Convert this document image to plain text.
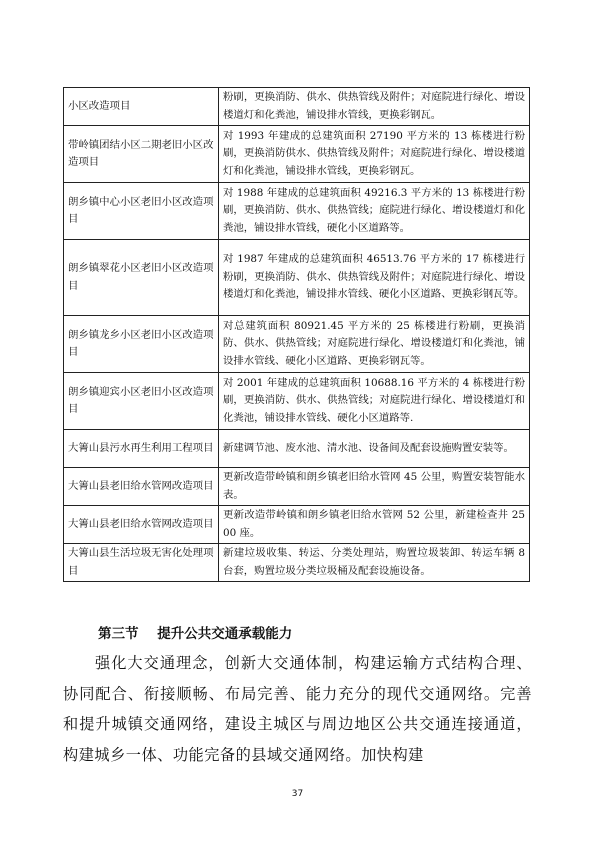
小区改造项目	粉刷，更换消防、供水、供热管线及附件；对庭院进行绿化、增设楼道灯和化粪池，铺设排水管线，更换彩钢瓦。
带岭镇团结小区二期老旧小区改造项目	对 1993 年建成的总建筑面积 27190 平方米的 13 栋楼进行粉刷，更换消防供水、供热管线及附件；对庭院进行绿化、增设楼道灯和化粪池，铺设排水管线，更换彩钢瓦。
朗乡镇中心小区老旧小区改造项目	对 1988 年建成的总建筑面积 49216.3 平方米的 13 栋楼进行粉刷，更换消防、供水、供热管线；庭院进行绿化、增设楼道灯和化粪池，铺设排水管线，硬化小区道路等。
朗乡镇翠花小区老旧小区改造项目	对 1987 年建成的总建筑面积 46513.76 平方米的 17 栋楼进行粉刷，更换消防、供水、供热管线及附件；对庭院进行绿化、增设楼道灯和化粪池，铺设排水管线、硬化小区道路、更换彩钢瓦等。
朗乡镇龙乡小区老旧小区改造项目	对总建筑面积 80921.45 平方米的 25 栋楼进行粉刷，更换消防、供水、供热管线；对庭院进行绿化、增设楼道灯和化粪池，铺设排水管线、硬化小区道路、更换彩钢瓦等。
朗乡镇迎宾小区老旧小区改造项目	对 2001 年建成的总建筑面积 10688.16 平方米的 4 栋楼进行粉刷，更换消防、供水、供热管线；对庭院进行绿化、增设楼道灯和化粪池，铺设排水管线、硬化小区道路等.
大箐山县污水再生利用工程项目	新建调节池、废水池、清水池、设备间及配套设施购置安装等。
大箐山县老旧给水管网改造项目	更新改造带岭镇和朗乡镇老旧给水管网 45 公里，购置安装智能水表。
大箐山县老旧给水管网改造项目	更新改造带岭镇和朗乡镇老旧给水管网 52 公里，新建检查井 2500 座。
大箐山县生活垃圾无害化处理项目	新建垃圾收集、转运、分类处理站，购置垃圾装卸、转运车辆 8 台套，购置垃圾分类垃圾桶及配套设施设备。
第三节    提升公共交通承载能力

强化大交通理念，创新大交通体制，构建运输方式结构合理、协同配合、衔接顺畅、布局完善、能力充分的现代交通网络。完善和提升城镇交通网络，建设主城区与周边地区公共交通连接通道，构建城乡一体、功能完备的县域交通网络。加快构建

37
